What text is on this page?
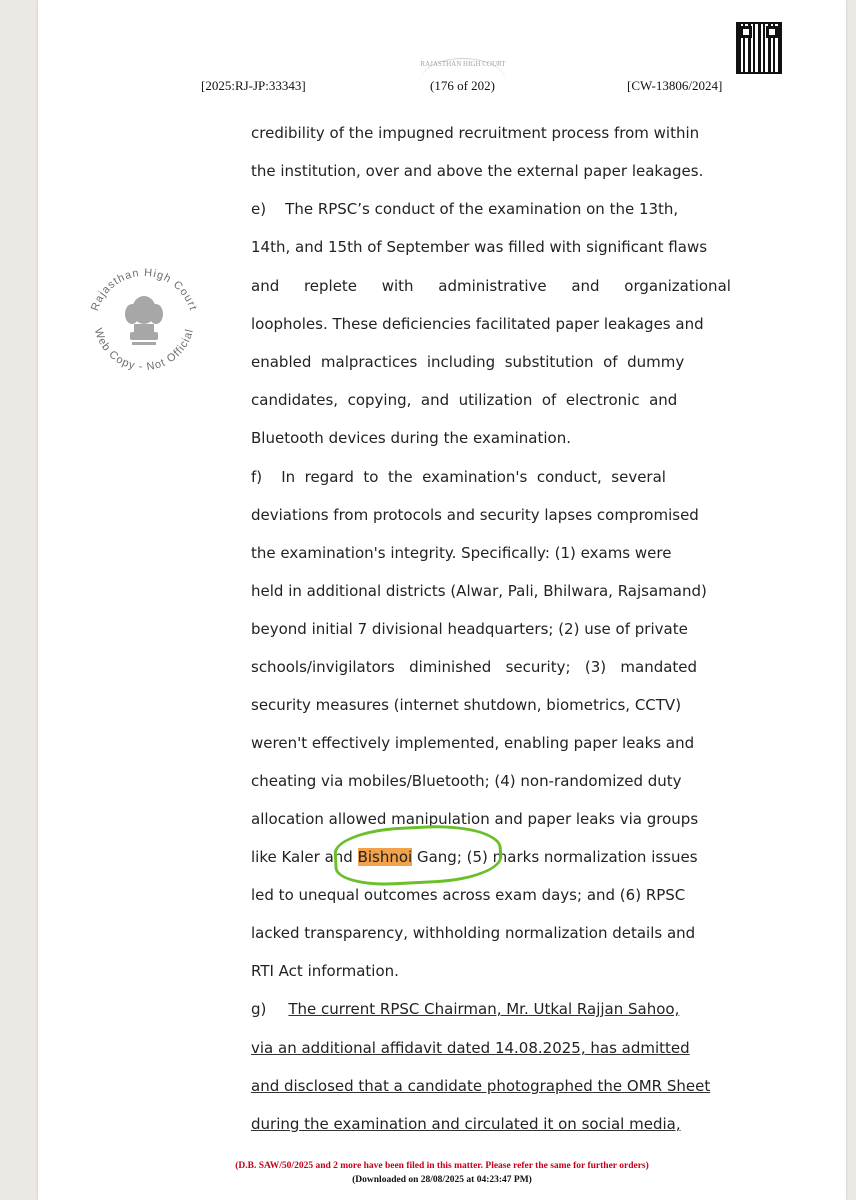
RAJASTHAN HIGH COURT
[2025:RJ-JP:33343]	(176 of 202)	[CW-13806/2024]
Rajasthan High Court
Web Copy - Not Official
credibility of the impugned recruitment process from within
the institution, over and above the external paper leakages.
e)    The RPSC’s conduct of the examination on the 13th,
14th, and 15th of September was filled with significant flaws
and replete with administrative and organizational
loopholes. These deficiencies facilitated paper leakages and
enabled  malpractices  including  substitution  of  dummy
candidates,  copying,  and  utilization  of  electronic  and
Bluetooth devices during the examination.
f)    In  regard  to  the  examination's  conduct,  several
deviations from protocols and security lapses compromised
the examination's integrity. Specifically: (1) exams were
held in additional districts (Alwar, Pali, Bhilwara, Rajsamand)
beyond initial 7 divisional headquarters; (2) use of private
schools/invigilators   diminished   security;   (3)   mandated
security measures (internet shutdown, biometrics, CCTV)
weren't effectively implemented, enabling paper leaks and
cheating via mobiles/Bluetooth; (4) non-randomized duty
allocation allowed manipulation and paper leaks via groups
like Kaler and Bishnoi Gang; (5) marks normalization issues
led to unequal outcomes across exam days; and (6) RPSC
lacked transparency, withholding normalization details and
RTI Act information.
g) The current RPSC Chairman, Mr. Utkal Rajjan Sahoo,
via an additional affidavit dated 14.08.2025, has admitted
and disclosed that a candidate photographed the OMR Sheet
during the examination and circulated it on social media,
(D.B. SAW/50/2025 and 2 more have been filed in this matter. Please refer the same for further orders)
(Downloaded on 28/08/2025 at 04:23:47 PM)
